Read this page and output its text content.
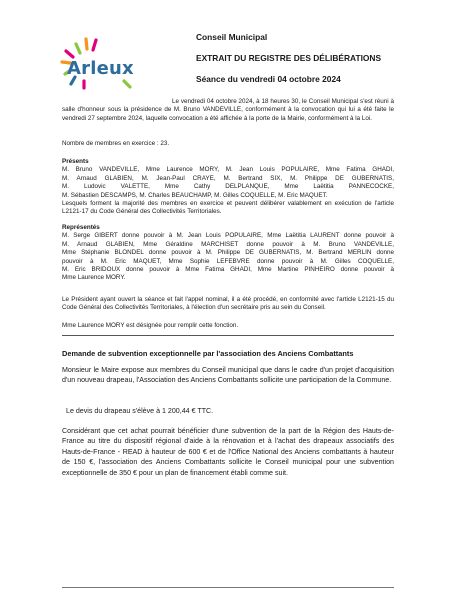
Arleux

Conseil Municipal

EXTRAIT DU REGISTRE DES DÉLIBÉRATIONS

Séance du vendredi 04 octobre 2024

Le vendredi 04 octobre 2024, à 18 heures 30, le Conseil Municipal s'est réuni à salle d'honneur sous la présidence de M. Bruno VANDEVILLE, conformément à la convocation qui lui a été faite le vendredi 27 septembre 2024, laquelle convocation a été affichée à la porte de la Mairie, conformément à la Loi.
Nombre de membres en exercice : 23.
Présents
M. Bruno VANDEVILLE, Mme Laurence MORY, M. Jean Louis POPULAIRE, Mme Fatima GHADI,
M. Arnaud GLABIEN, M. Jean-Paul CRAYE, M. Bertrand SIX, M. Philippe DE GUBERNATIS,
M. Ludovic VALETTE, Mme Cathy DELPLANQUE, Mme Laëtitia PANNECOCKE,
M. Sébastien DESCAMPS, M. Charles BEAUCHAMP, M. Gilles COQUELLE, M. Eric MAQUET.
Lesquels forment la majorité des membres en exercice et peuvent délibérer valablement en exécution de l'article L2121-17 du Code Général des Collectivités Territoriales.
Représentés
M. Serge GIBERT donne pouvoir à M. Jean Louis POPULAIRE, Mme Laëtitia LAURENT donne pouvoir à
M. Arnaud GLABIEN, Mme Géraldine MARCHISET donne pouvoir à M. Bruno VANDEVILLE,
Mme Stéphanie BLONDEL donne pouvoir à M. Philippe DE GUBERNATIS, M. Bertrand MERLIN donne
pouvoir à M. Eric MAQUET, Mme Sophie LEFEBVRE donne pouvoir à M. Gilles COQUELLE,
M. Eric BRIDOUX donne pouvoir à Mme Fatima GHADI, Mme Martine PINHEIRO donne pouvoir à
Mme Laurence MORY.
Le Président ayant ouvert la séance et fait l'appel nominal, il a été procédé, en conformité avec l'article L2121-15 du Code Général des Collectivités Territoriales, à l'élection d'un secrétaire pris au sein du Conseil.
Mme Laurence MORY est désignée pour remplir cette fonction.
Demande de subvention exceptionnelle par l'association des Anciens Combattants
Monsieur le Maire expose aux membres du Conseil municipal que dans le cadre d'un projet d'acquisition d'un nouveau drapeau, l'Association des Anciens Combattants sollicite une participation de la Commune.
Le devis du drapeau s'élève à 1 200,44 € TTC.
Considérant que cet achat pourrait bénéficier d'une subvention de la part de la Région des Hauts-de-France au titre du dispositif régional d'aide à la rénovation et à l'achat des drapeaux associatifs des Hauts-de-France - READ à hauteur de 600 € et de l'Office National des Anciens combattants à hauteur de 150 €, l'association des Anciens Combattants sollicite le Conseil municipal pour une subvention exceptionnelle de 350 € pour un plan de financement établi comme suit.
